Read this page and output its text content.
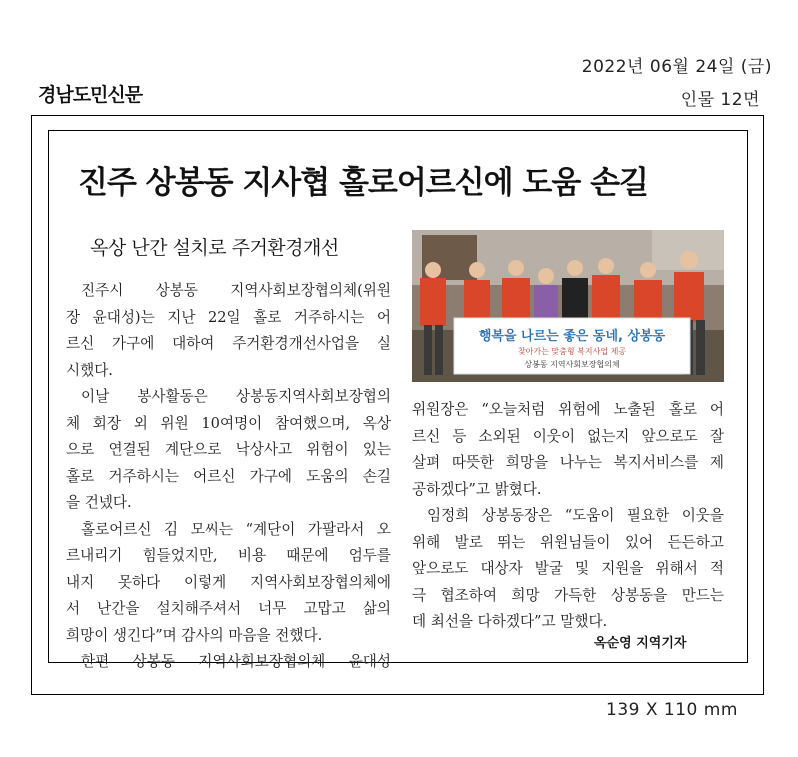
경남도민신문
2022년 06월 24일 (금)
인물 12면
진주 상봉동 지사협 홀로어르신에 도움 손길
옥상 난간 설치로 주거환경개선
행복을 나르는 좋은 동네, 상봉동
찾아가는 맞춤형 복지사업 제공
상봉동 지역사회보장협의체

진주시 상봉동 지역사회보장협의체(위원

장 윤대성)는 지난 22일 홀로 거주하시는 어

르신 가구에 대하여 주거환경개선사업을 실

시했다.

이날 봉사활동은 상봉동지역사회보장협의

체 회장 외 위원 10여명이 참여했으며, 옥상

으로 연결된 계단으로 낙상사고 위험이 있는

홀로 거주하시는 어르신 가구에 도움의 손길

을 건넸다.

홀로어르신 김 모씨는 “계단이 가팔라서 오

르내리기 힘들었지만, 비용 때문에 엄두를

내지 못하다 이렇게 지역사회보장협의체에

서 난간을 설치해주셔서 너무 고맙고 삶의

희망이 생긴다”며 감사의 마음을 전했다.

한편 상봉동 지역사회보장협의체 윤대성

위원장은 “오늘처럼 위험에 노출된 홀로 어

르신 등 소외된 이웃이 없는지 앞으로도 잘

살펴 따뜻한 희망을 나누는 복지서비스를 제

공하겠다”고 밝혔다.

임정희 상봉동장은 “도움이 필요한 이웃을

위해 발로 뛰는 위원님들이 있어 든든하고

앞으로도 대상자 발굴 및 지원을 위해서 적

극 협조하여 희망 가득한 상봉동을 만드는

데 최선을 다하겠다”고 말했다.

옥순영 지역기자
139 X 110 mm
